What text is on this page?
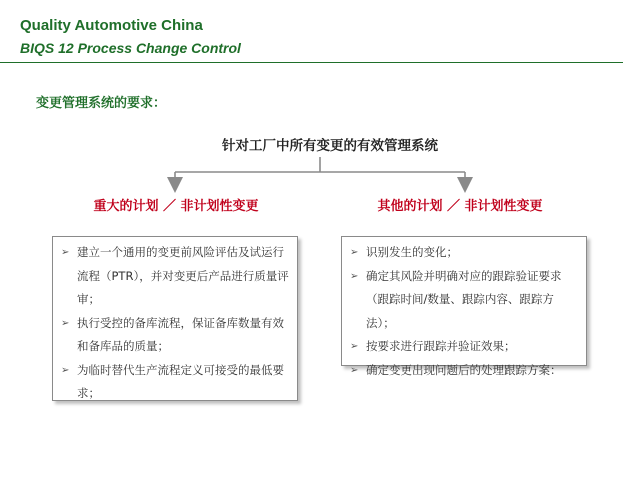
Quality Automotive China
BIQS 12 Process Change Control
变更管理系统的要求：
针对工厂中所有变更的有效管理系统
重大的计划 ／ 非计划性变更	其他的计划 ／ 非计划性变更
➢ 建立一个通用的变更前风险评估及试运行流程（PTR），并对变更后产品进行质量评审；
➢ 执行受控的备库流程，保证备库数量有效和备库品的质量；
➢ 为临时替代生产流程定义可接受的最低要求；
➢ 识别发生的变化；
➢ 确定其风险并明确对应的跟踪验证要求（跟踪时间/数量、跟踪内容、跟踪方法）；
➢ 按要求进行跟踪并验证效果；
➢ 确定变更出现问题后的处理跟踪方案：
